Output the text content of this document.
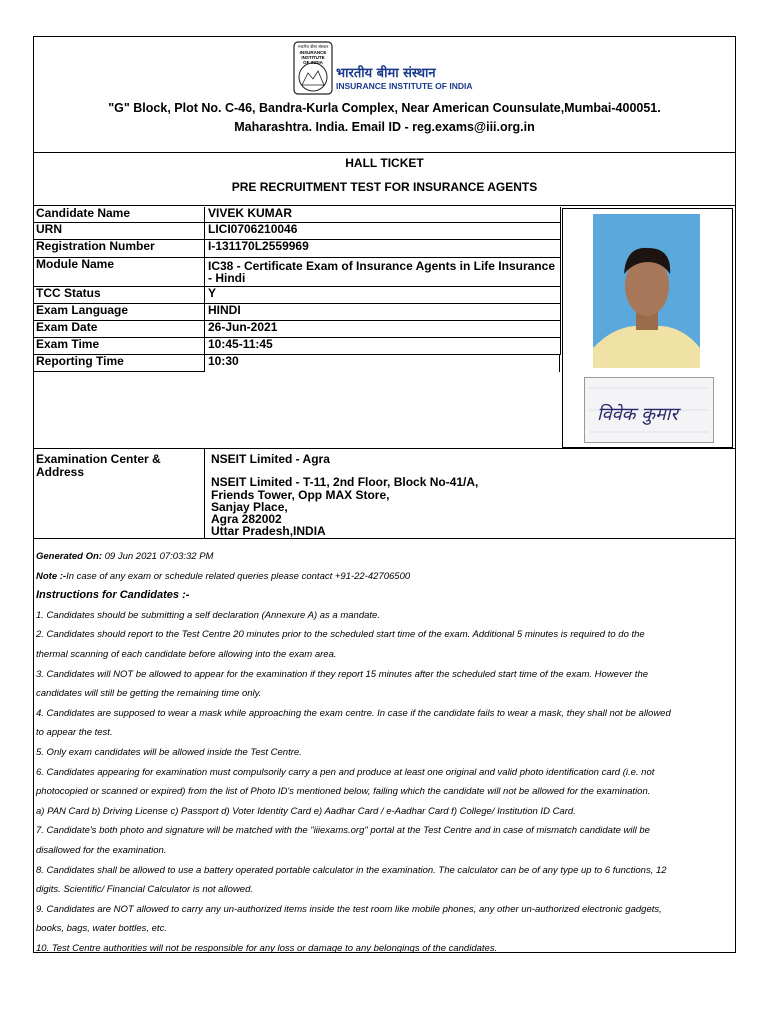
भारतीय बीमा संस्थान
INSURANCE
INSTITUTE
OF INDIA
भारतीय बीमा संस्थान
INSURANCE INSTITUTE OF INDIA
"G" Block, Plot No. C-46, Bandra-Kurla Complex, Near American Counsulate,Mumbai-400051.
Maharashtra. India. Email ID - reg.exams@iii.org.in
HALL TICKET
PRE RECRUITMENT TEST FOR INSURANCE AGENTS
Candidate Name	VIVEK KUMAR
URN	LICI0706210046
Registration Number	I-131170L2559969
Module Name	IC38 - Certificate Exam of Insurance Agents in Life Insurance - Hindi
TCC Status	Y
Exam Language	HINDI
Exam Date	26-Jun-2021
Exam Time	10:45-11:45
Reporting Time	10:30
विवेक कुमार
Examination Center & Address
NSEIT Limited - Agra
NSEIT Limited - T-11, 2nd Floor, Block No-41/A,
Friends Tower, Opp MAX Store,
Sanjay Place,
Agra 282002
Uttar Pradesh,INDIA
Generated On: 09 Jun 2021 07:03:32 PM
Note :-In case of any exam or schedule related queries please contact +91-22-42706500
Instructions for Candidates :-
1. Candidates should be submitting a self declaration (Annexure A) as a mandate.
2. Candidates should report to the Test Centre 20 minutes prior to the scheduled start time of the exam. Additional 5 minutes is required to do the
thermal scanning of each candidate before allowing into the exam area.
3. Candidates will NOT be allowed to appear for the examination if they report 15 minutes after the scheduled start time of the exam. However the
candidates will still be getting the remaining time only.
4. Candidates are supposed to wear a mask while approaching the exam centre. In case if the candidate fails to wear a mask, they shall not be allowed
to appear the test.
5. Only exam candidates will be allowed inside the Test Centre.
6. Candidates appearing for examination must compulsorily carry a pen and produce at least one original and valid photo identification card (i.e. not
photocopied or scanned or expired) from the list of Photo ID's mentioned below, failing which the candidate will not be allowed for the examination.
a) PAN Card b) Driving License c) Passport d) Voter Identity Card e) Aadhar Card / e-Aadhar Card f) College/ Institution ID Card.
7. Candidate's both photo and signature will be matched with the "iiiexams.org" portal at the Test Centre and in case of mismatch candidate will be
disallowed for the examination.
8. Candidates shall be allowed to use a battery operated portable calculator in the examination. The calculator can be of any type up to 6 functions, 12
digits. Scientific/ Financial Calculator is not allowed.
9. Candidates are NOT allowed to carry any un-authorized items inside the test room like mobile phones, any other un-authorized electronic gadgets,
books, bags, water bottles, etc.
10. Test Centre authorities will not be responsible for any loss or damage to any belongings of the candidates.
